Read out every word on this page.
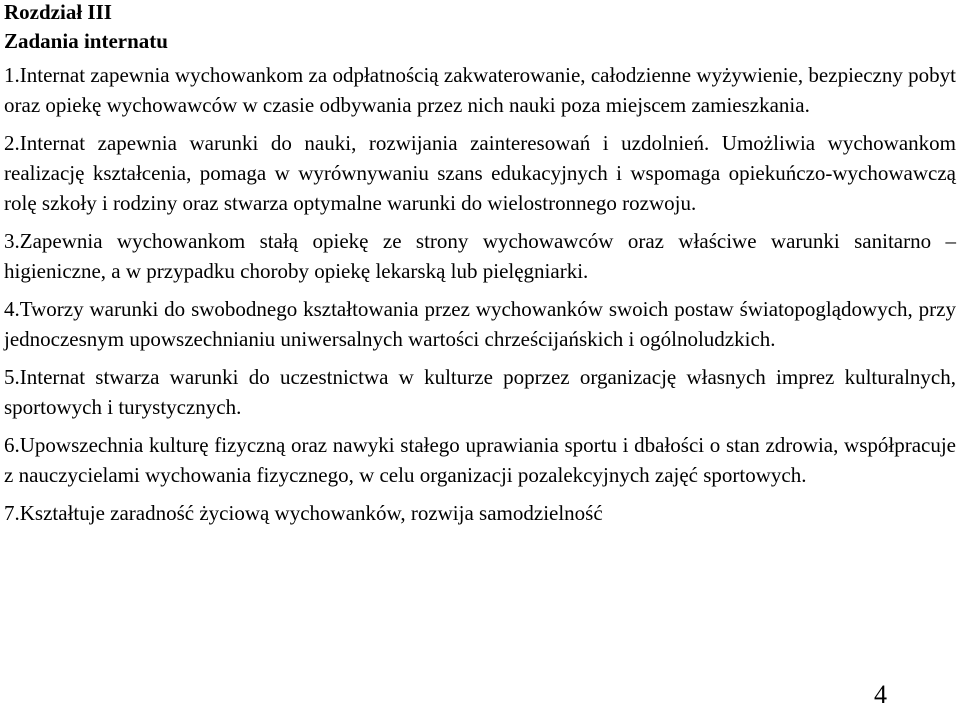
Rozdział III

Zadania internatu

1.Internat zapewnia wychowankom za odpłatnością zakwaterowanie, całodzienne wyżywienie, bezpieczny pobyt oraz opiekę wychowawców w czasie odbywania przez nich nauki poza miejscem zamieszkania.

2.Internat zapewnia warunki do nauki, rozwijania zainteresowań i uzdolnień. Umożliwia wychowankom realizację kształcenia, pomaga w wyrównywaniu szans edukacyjnych i wspomaga opiekuńczo-wychowawczą rolę szkoły i rodziny oraz stwarza optymalne warunki do wielostronnego rozwoju.

3.Zapewnia wychowankom stałą opiekę ze strony wychowawców oraz właściwe warunki sanitarno – higieniczne, a w przypadku choroby opiekę lekarską lub pielęgniarki.

4.Tworzy warunki do swobodnego kształtowania przez wychowanków swoich postaw światopoglądowych, przy jednoczesnym upowszechnianiu uniwersalnych wartości chrześcijańskich i ogólnoludzkich.

5.Internat stwarza warunki do uczestnictwa w kulturze poprzez organizację własnych imprez kulturalnych, sportowych i turystycznych.

6.Upowszechnia kulturę fizyczną oraz nawyki stałego uprawiania sportu i dbałości o stan zdrowia, współpracuje z nauczycielami wychowania fizycznego, w celu organizacji pozalekcyjnych zajęć sportowych.

7.Kształtuje zaradność życiową wychowanków, rozwija samodzielność

4
